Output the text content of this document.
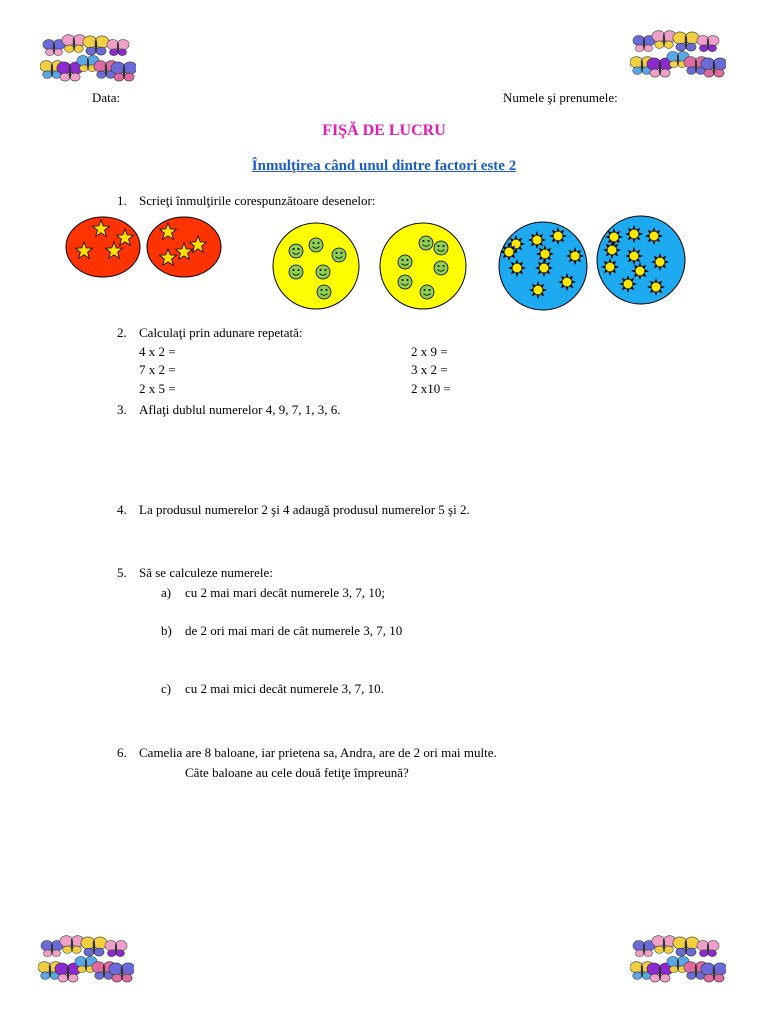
Data:	Numele şi prenumele:
FIŞĂ DE LUCRU
Înmulţirea când unul dintre factori este 2
1. Scrieţi înmulţirile corespunzătoare desenelor:
2. Calculaţi prin adunare repetată:
4 x 2 =
7 x 2 =
2 x 5 =
2 x 9 =
3 x 2 =
2 x10 =
3. Aflaţi dublul numerelor 4, 9, 7, 1, 3, 6.
4. La produsul numerelor 2 şi 4 adaugă produsul numerelor 5 şi 2.
5. Să se calculeze numerele:
a) cu 2 mai mari decât numerele 3, 7, 10;
b) de 2 ori mai mari de cât numerele 3, 7, 10
c) cu 2 mai mici decât numerele 3, 7, 10.
6. Camelia are 8 baloane, iar prietena sa, Andra, are de 2 ori mai multe.
Câte baloane au cele două fetiţe împreună?
